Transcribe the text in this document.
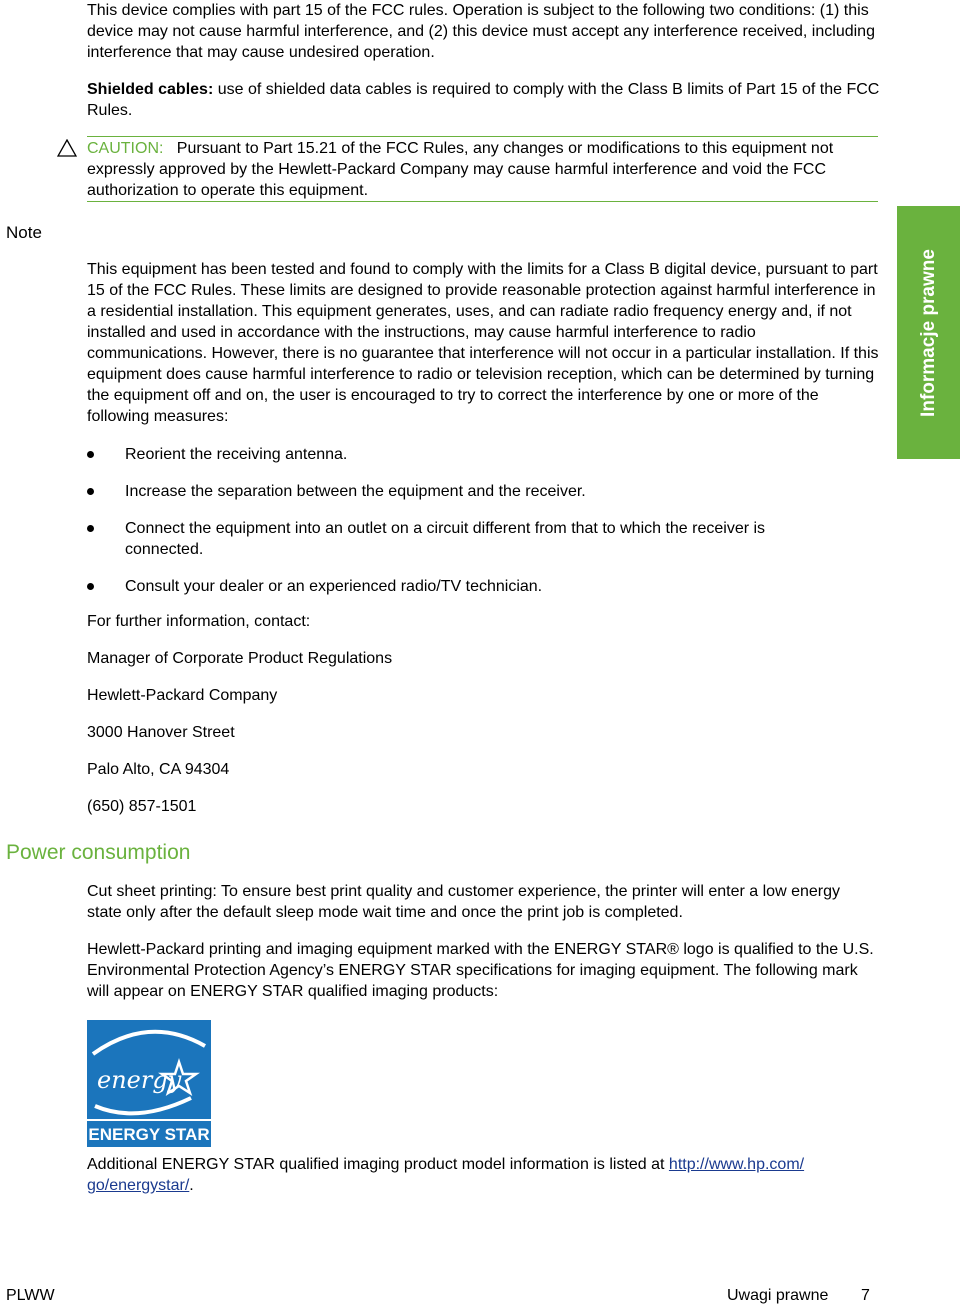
This device complies with part 15 of the FCC rules. Operation is subject to the following two conditions: (1) this device may not cause harmful interference, and (2) this device must accept any interference received, including interference that may cause undesired operation.

Shielded cables: use of shielded data cables is required to comply with the Class B limits of Part 15 of the FCC Rules.

CAUTION: Pursuant to Part 15.21 of the FCC Rules, any changes or modifications to this equipment not expressly approved by the Hewlett-Packard Company may cause harmful interference and void the FCC authorization to operate this equipment.

Note

This equipment has been tested and found to comply with the limits for a Class B digital device, pursuant to part 15 of the FCC Rules. These limits are designed to provide reasonable protection against harmful interference in a residential installation. This equipment generates, uses, and can radiate radio frequency energy and, if not installed and used in accordance with the instructions, may cause harmful interference to radio communications. However, there is no guarantee that interference will not occur in a particular installation. If this equipment does cause harmful interference to radio or television reception, which can be determined by turning the equipment off and on, the user is encouraged to try to correct the interference by one or more of the following measures:

Reorient the receiving antenna.
Increase the separation between the equipment and the receiver.
Connect the equipment into an outlet on a circuit different from that to which the receiver is connected.
Consult your dealer or an experienced radio/TV technician.
For further information, contact:
Manager of Corporate Product Regulations
Hewlett-Packard Company
3000 Hanover Street
Palo Alto, CA 94304
(650) 857-1501
Power consumption

Cut sheet printing: To ensure best print quality and customer experience, the printer will enter a low energy state only after the default sleep mode wait time and once the print job is completed.

Hewlett-Packard printing and imaging equipment marked with the ENERGY STAR® logo is qualified to the U.S. Environmental Protection Agency’s ENERGY STAR specifications for imaging equipment. The following mark will appear on ENERGY STAR qualified imaging products:

energy
ENERGY STAR

Additional ENERGY STAR qualified imaging product model information is listed at http://www.hp.com/
go/energystar/.

Informacje prawne
PLWW	Uwagi prawne 7
